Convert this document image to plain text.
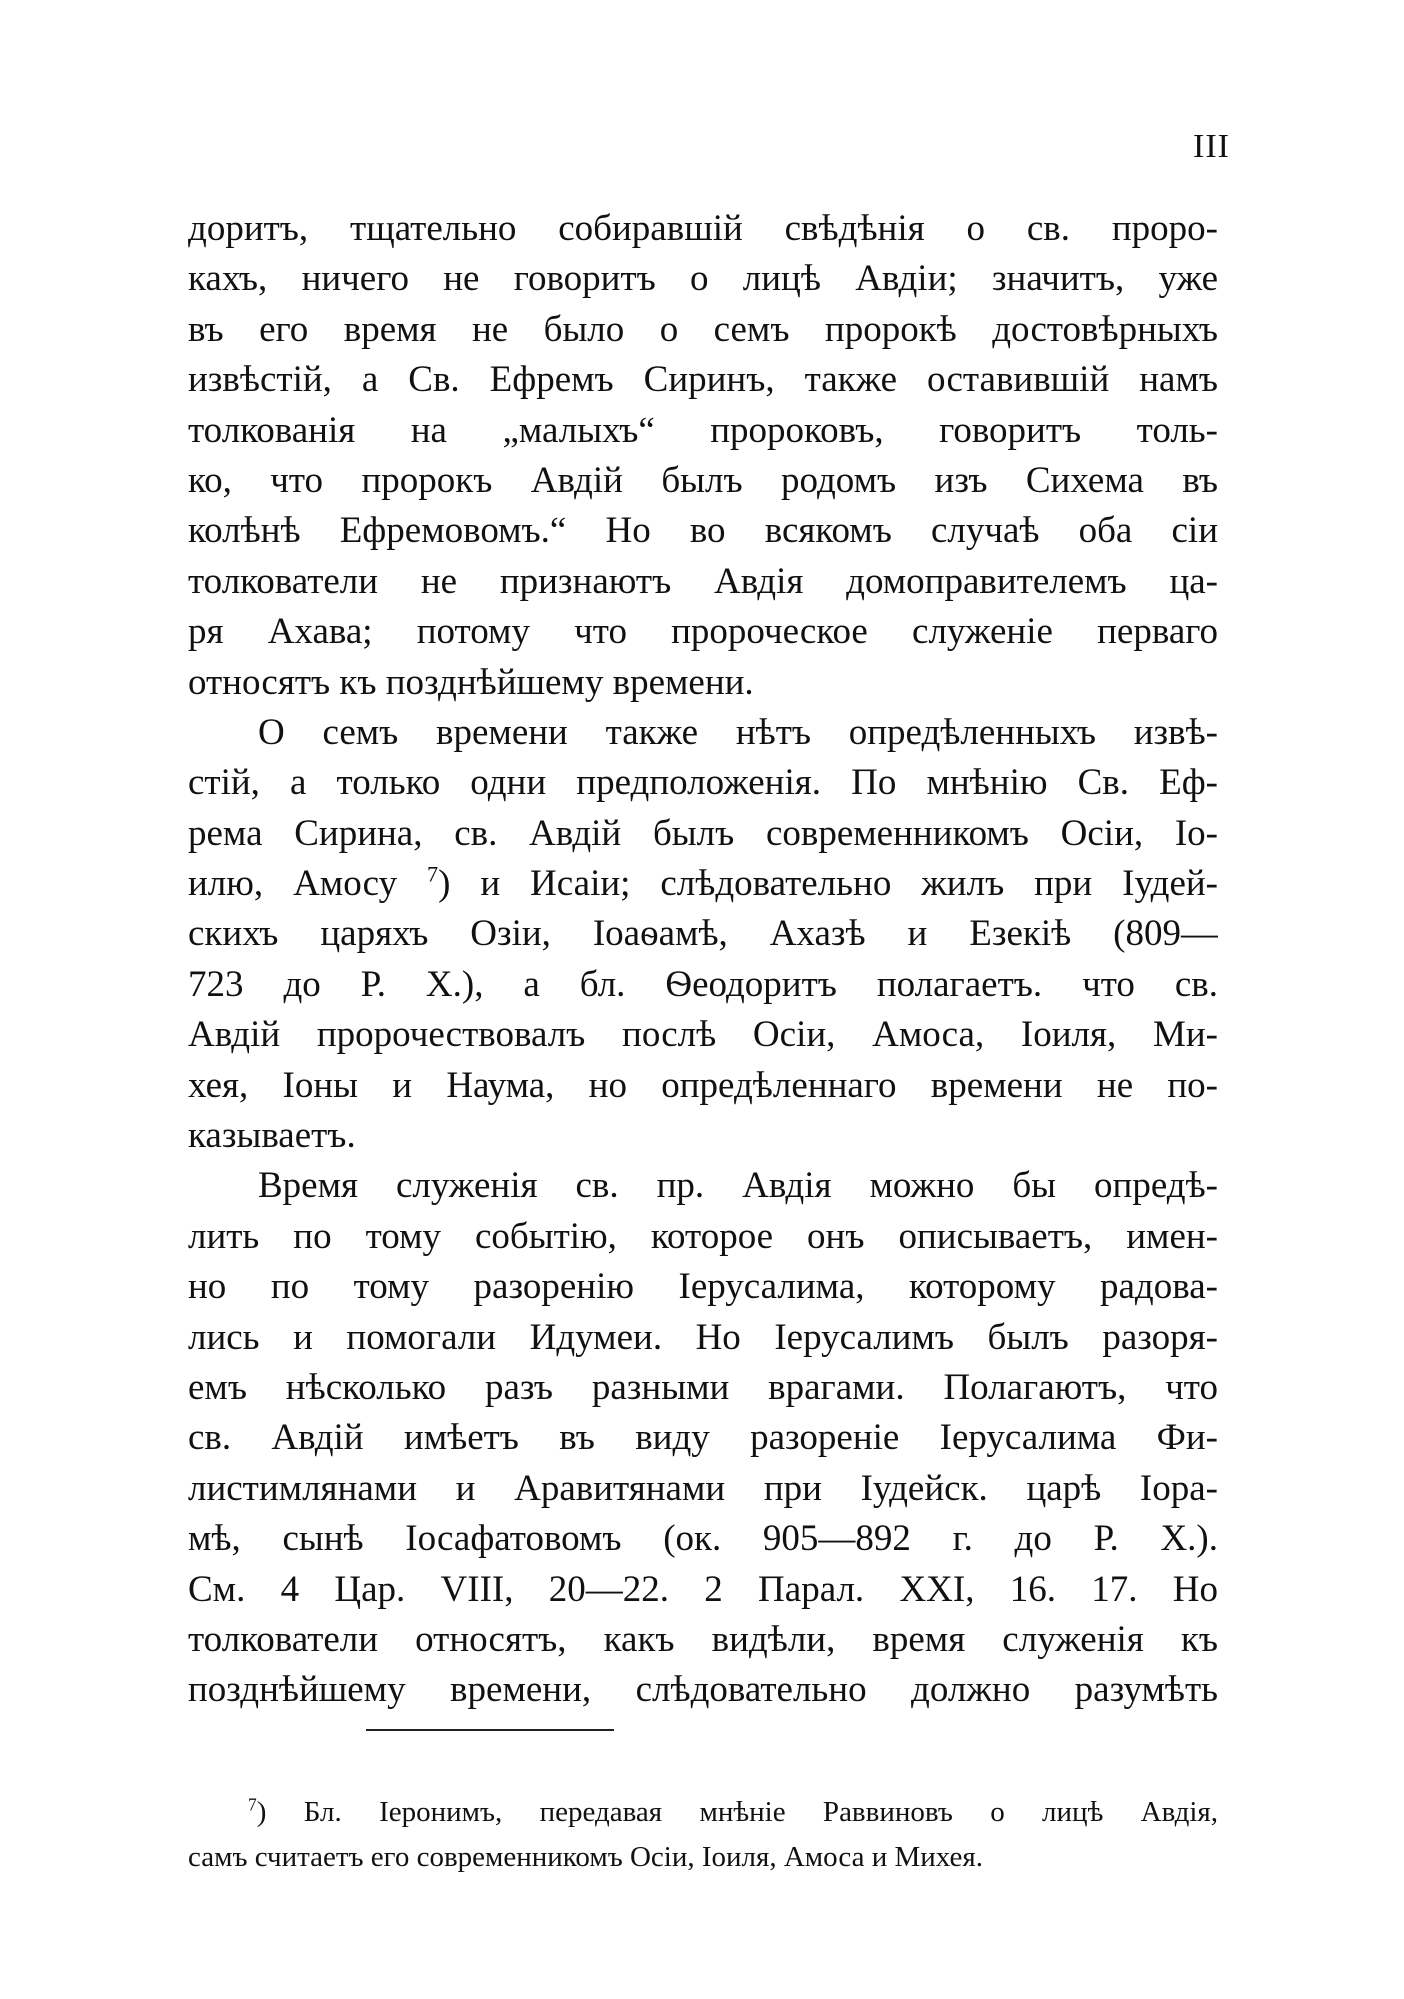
III
доритъ, тщательно собиравшій свѣдѣнія о св. проро-
кахъ, ничего не говоритъ о лицѣ Авдіи; значитъ, уже
въ его время не было о семъ пророкѣ достовѣрныхъ
извѣстій, а Св. Ефремъ Сиринъ, также оставившій намъ
толкованія на „малыхъ“ пророковъ, говоритъ толь-
ко, что пророкъ Авдій былъ родомъ изъ Сихема въ
колѣнѣ Ефремовомъ.“ Но во всякомъ случаѣ оба сіи
толкователи не признаютъ Авдія домоправителемъ ца-
ря Ахава; потому что пророческое служеніе перваго
относятъ къ позднѣйшему времени.
О семъ времени также нѣтъ опредѣленныхъ извѣ-
стій, а только одни предположенія. По мнѣнію Св. Еф-
рема Сирина, св. Авдій былъ современникомъ Осіи, Іо-
илю, Амосу $^7$) и Исаіи; слѣдовательно жилъ при Іудей-
скихъ царяхъ Озіи, Іоаѳамѣ, Ахазѣ и Езекіѣ (809—
723 до Р. Х.), а бл. Ѳеодоритъ полагаетъ. что св.
Авдій пророчествовалъ послѣ Осіи, Амоса, Іоиля, Ми-
хея, Іоны и Наума, но опредѣленнаго времени не по-
казываетъ.
Время служенія св. пр. Авдія можно бы опредѣ-
лить по тому событію, которое онъ описываетъ, имен-
но по тому разоренію Іерусалима, которому радова-
лись и помогали Идумеи. Но Іерусалимъ былъ разоря-
емъ нѣсколько разъ разными врагами. Полагаютъ, что
св. Авдій имѣетъ въ виду разореніе Іерусалима Фи-
листимлянами и Аравитянами при Іудейск. царѣ Іора-
мѣ, сынѣ Іосафатовомъ (ок. 905—892 г. до Р. Х.).
См. 4 Цар. VIII, 20—22. 2 Парал. XXI, 16. 17. Но
толкователи относятъ, какъ видѣли, время служенія къ
позднѣйшему времени, слѣдовательно должно разумѣть
$^7$) Бл. Іеронимъ, передавая мнѣніе Раввиновъ о лицѣ Авдія,
самъ считаетъ его современникомъ Осіи, Іоиля, Амоса и Михея.
